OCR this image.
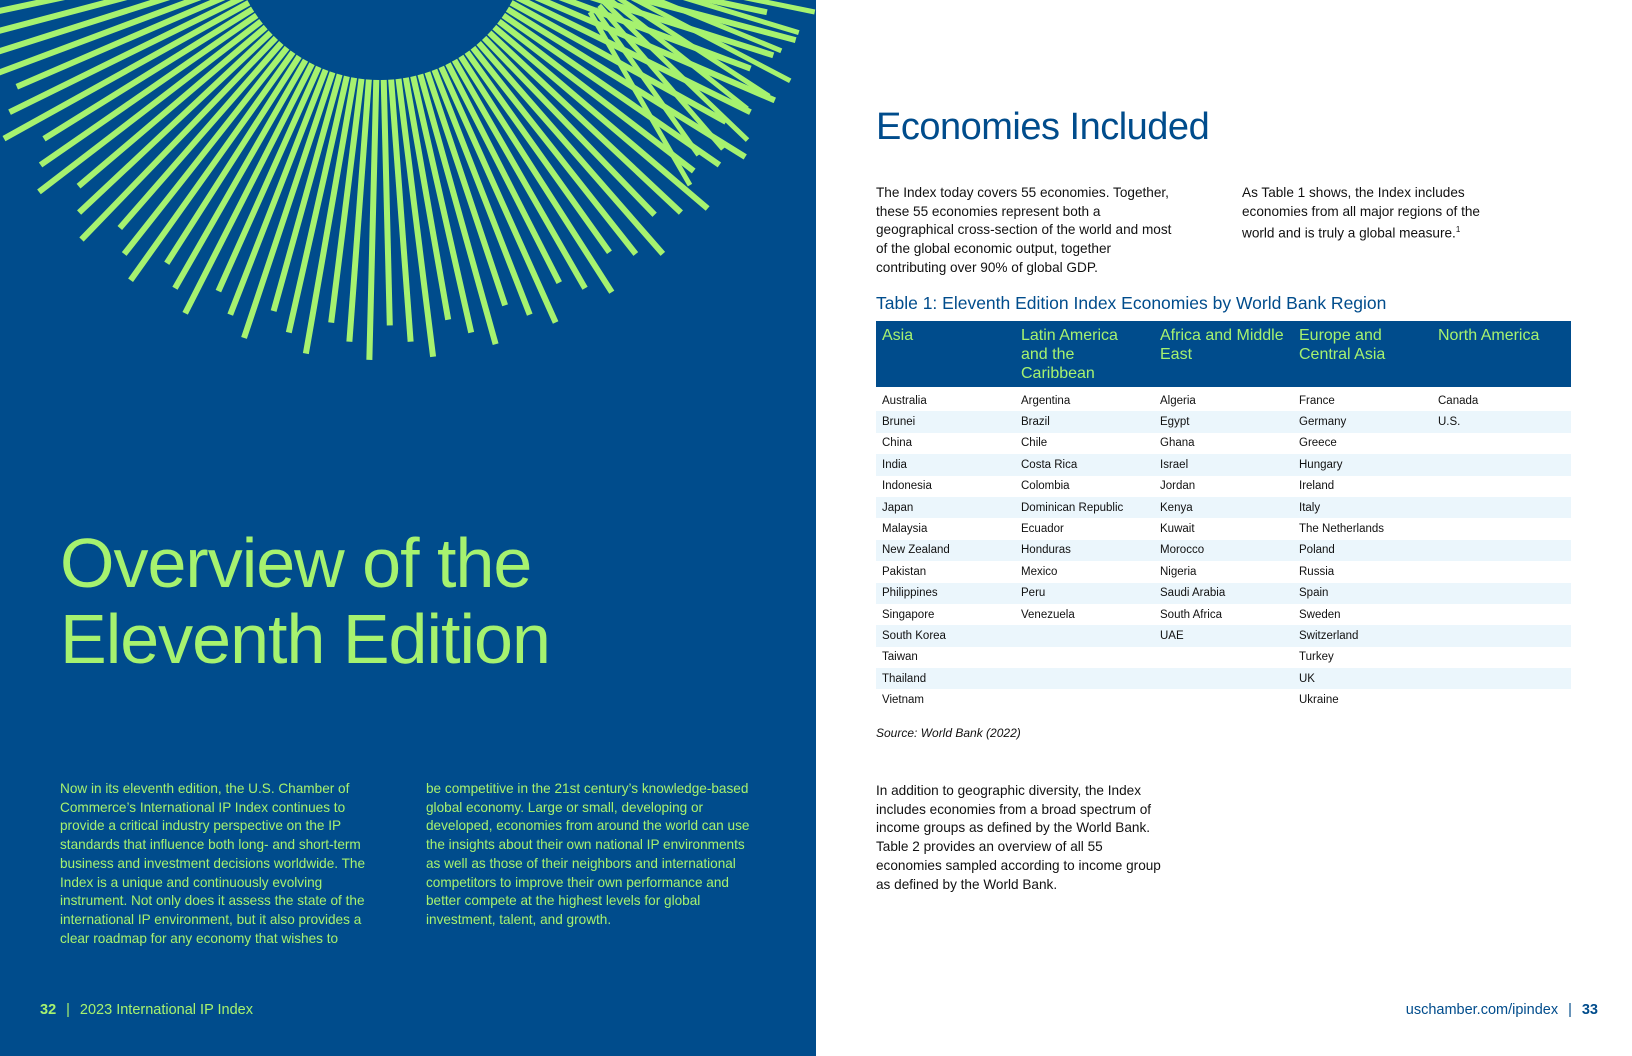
Overview of the
Eleventh Edition

Now in its eleventh edition, the U.S. Chamber of Commerce’s International IP Index continues to provide a critical industry perspective on the IP standards that influence both long- and short-term business and investment decisions worldwide. The Index is a unique and continuously evolving instrument. Not only does it assess the state of the international IP environment, but it also provides a clear roadmap for any economy that wishes to

be competitive in the 21st century’s knowledge-based global economy. Large or small, developing or developed, economies from around the world can use the insights about their own national IP environments as well as those of their neighbors and international competitors to improve their own performance and better compete at the highest levels for global investment, talent, and growth.

32 | 2023 International IP Index
Economies Included

The Index today covers 55 economies. Together, these 55 economies represent both a geographical cross-section of the world and most of the global economic output, together contributing over 90% of global GDP.

As Table 1 shows, the Index includes economies from all major regions of the world and is truly a global measure.$^1$

Table 1: Eleventh Edition Index Economies by World Bank Region
Asia	Latin America and the Caribbean	Africa and Middle East	Europe and Central Asia	North America
Australia	Argentina	Algeria	France	Canada
Brunei	Brazil	Egypt	Germany	U.S.
China	Chile	Ghana	Greece	
India	Costa Rica	Israel	Hungary	
Indonesia	Colombia	Jordan	Ireland	
Japan	Dominican Republic	Kenya	Italy	
Malaysia	Ecuador	Kuwait	The Netherlands	
New Zealand	Honduras	Morocco	Poland	
Pakistan	Mexico	Nigeria	Russia	
Philippines	Peru	Saudi Arabia	Spain	
Singapore	Venezuela	South Africa	Sweden	
South Korea		UAE	Switzerland	
Taiwan			Turkey	
Thailand			UK	
Vietnam			Ukraine	
Source: World Bank (2022)

In addition to geographic diversity, the Index includes economies from a broad spectrum of income groups as defined by the World Bank. Table 2 provides an overview of all 55 economies sampled according to income group as defined by the World Bank.

uschamber.com/ipindex | 33
